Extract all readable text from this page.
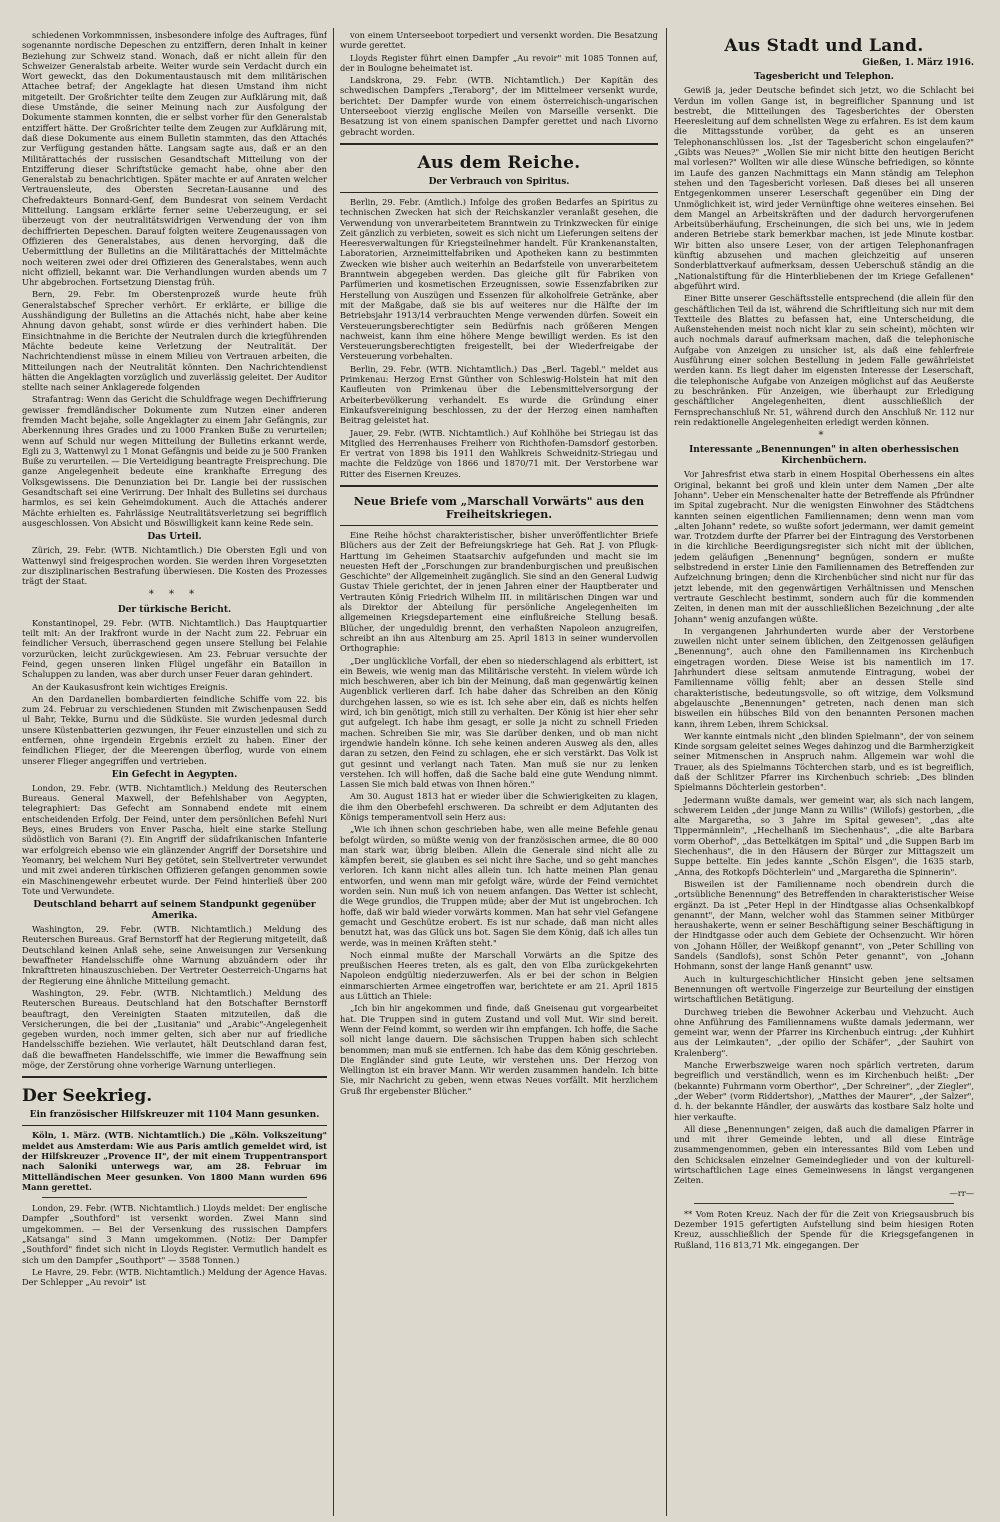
schiedenen Vorkommnissen, insbesondere infolge des Auftrages, fünf sogenannte nordische Depeschen zu entziffern, deren Inhalt in keiner Beziehung zur Schweiz stand. Wonach, daß er nicht allein für den Schweizer Generalstab arbeite. Weiter wurde sein Verdacht durch ein Wort geweckt, das den Dokumentaustausch mit dem militärischen Attachee betraf; der Angeklagte hat diesen Umstand ihm nicht mitgeteilt. Der Großrichter teilte dem Zeugen zur Aufklärung mit, daß diese Umstände, die seiner Meinung nach zur Ausfolgung der Dokumente stammen konnten, die er selbst vorher für den Generalstab entziffert hätte. Der Großrichter teilte dem Zeugen zur Aufklärung mit, daß diese Dokumente aus einem Bulletin stammten, das den Attachés zur Verfügung gestanden hätte. Langsam sagte aus, daß er an den Militärattachés der russischen Gesandtschaft Mitteilung von der Entzifferung dieser Schriftstücke gemacht habe, ohne aber den Generalstab zu benachrichtigen. Später machte er auf Anraten welcher Vertrauensleute, des Obersten Secretan-Lausanne und des Chefredakteurs Bonnard-Genf, dem Bundesrat von seinem Verdacht Mitteilung. Langsam erklärte ferner seine Ueberzeugung, er sei überzeugt von der neutralitätswidrigen Verwendung der von ihm dechiffrierten Depeschen. Darauf folgten weitere Zeugenaussagen von Offizieren des Generalstabes, aus denen hervorging, daß die Uebermittlung der Bulletins an die Militärattachés der Mittelmächte noch weiteren zwei oder drei Offizieren des Generalstabes, wenn auch nicht offiziell, bekannt war. Die Verhandlungen wurden abends um 7 Uhr abgebrochen. Fortsetzung Dienstag früh.

Bern, 29. Febr. Im Oberstenprozeß wurde heute früh Generalstabschef Sprecher verhört. Er erklärte, er billige die Ausshändigung der Bulletins an die Attachés nicht, habe aber keine Ahnung davon gehabt, sonst würde er dies verhindert haben. Die Einsichtnahme in die Berichte der Neutralen durch die kriegführenden Mächte bedeute keine Verletzung der Neutralität. Der Nachrichtendienst müsse in einem Milieu von Vertrauen arbeiten, die Mitteilungen nach der Neutralität könnten. Den Nachrichtendienst hätten die Angeklagten vorzüglich und zuverlässig geleitet. Der Auditor stellte nach seiner Anklagerede folgenden

Strafantrag: Wenn das Gericht die Schuldfrage wegen Dechiffrierung gewisser fremdländischer Dokumente zum Nutzen einer anderen fremden Macht bejahe, solle Angeklagter zu einem Jahr Gefängnis, zur Aberkennung ihres Grades und zu 1000 Franken Buße zu verurteilen; wenn auf Schuld nur wegen Mitteilung der Bulletins erkannt werde, Egli zu 3, Wattenwyl zu 1 Monat Gefängnis und beide zu je 500 Franken Buße zu verurteilen. — Die Verteidigung beantragte Freisprechung. Die ganze Angelegenheit bedeute eine krankhafte Erregung des Volksgewissens. Die Denunziation bei Dr. Langie bei der russischen Gesandtschaft sei eine Verirrung. Der Inhalt des Bulletins sei durchaus harmlos, es sei kein Geheimdokument. Auch die Attachés anderer Mächte erhielten es. Fahrlässige Neutralitätsverletzung sei begrifflich ausgeschlossen. Von Absicht und Böswilligkeit kann keine Rede sein.

Das Urteil.

Zürich, 29. Febr. (WTB. Nichtamtlich.) Die Obersten Egli und von Wattenwyl sind freigesprochen worden. Sie werden ihren Vorgesetzten zur disziplinarischen Bestrafung überwiesen. Die Kosten des Prozesses trägt der Staat.

* * *
Der türkische Bericht.

Konstantinopel, 29. Febr. (WTB. Nichtamtlich.) Das Hauptquartier teilt mit: An der Irakfront wurde in der Nacht zum 22. Februar ein feindlicher Versuch, überraschend gegen unsere Stellung bei Felahie vorzurücken, leicht zurückgewiesen. Am 23. Februar versuchte der Feind, gegen unseren linken Flügel ungefähr ein Bataillon in Schaluppen zu landen, was aber durch unser Feuer daran gehindert.

An der Kaukasusfront kein wichtiges Ereignis.

An den Dardanellen bombardierten feindliche Schiffe vom 22. bis zum 24. Februar zu verschiedenen Stunden mit Zwischenpausen Sedd ul Bahr, Tekke, Burnu und die Südküste. Sie wurden jedesmal durch unsere Küstenbatterien gezwungen, ihr Feuer einzustellen und sich zu entfernen, ohne irgendein Ergebnis erzielt zu haben. Einer der feindlichen Flieger, der die Meerengen überflog, wurde von einem unserer Flieger angegriffen und vertrieben.

Ein Gefecht in Aegypten.

London, 29. Febr. (WTB. Nichtamtlich.) Meldung des Reuterschen Bureaus. General Maxwell, der Befehlshaber von Aegypten, telegraphiert: Das Gefecht am Sonnabend endete mit einem entscheidenden Erfolg. Der Feind, unter dem persönlichen Befehl Nuri Beys, eines Bruders von Enver Pascha, hielt eine starke Stellung südöstlich von Barani (?). Ein Angriff der südafrikanischen Infanterie war erfolgreich ebenso wie ein glänzender Angriff der Dorsetshire und Yeomanry, bei welchem Nuri Bey getötet, sein Stellvertreter verwundet und mit zwei anderen türkischen Offizieren gefangen genommen sowie ein Maschinengewehr erbeutet wurde. Der Feind hinterließ über 200 Tote und Verwundete.

Deutschland beharrt auf seinem Standpunkt gegenüber Amerika.

Washington, 29. Febr. (WTB. Nichtamtlich.) Meldung des Reuterschen Bureaus. Graf Bernstorff hat der Regierung mitgeteilt, daß Deutschland keinen Anlaß sehe, seine Anweisungen zur Versenkung bewaffneter Handelsschiffe ohne Warnung abzuändern oder ihr Inkrafttreten hinauszuschieben. Der Vertreter Oesterreich-Ungarns hat der Regierung eine ähnliche Mitteilung gemacht.

Washington, 29. Febr. (WTB. Nichtamtlich.) Meldung des Reuterschen Bureaus. Deutschland hat den Botschafter Bernstorff beauftragt, den Vereinigten Staaten mitzuteilen, daß die Versicherungen, die bei der „Lusitania" und „Arabic"-Angelegenheit gegeben wurden, noch immer gelten, sich aber nur auf friedliche Handelsschiffe beziehen. Wie verlautet, hält Deutschland daran fest, daß die bewaffneten Handelsschiffe, wie immer die Bewaffnung sein möge, der Zerstörung ohne vorherige Warnung unterliegen.

Der Seekrieg.
Ein französischer Hilfskreuzer mit 1104 Mann gesunken.

Köln, 1. März. (WTB. Nichtamtlich.) Die „Köln. Volkszeitung" meldet aus Amsterdam: Wie aus Paris amtlich gemeldet wird, ist der Hilfskreuzer „Provence II", der mit einem Truppentransport nach Saloniki unterwegs war, am 28. Februar im Mittelländischen Meer gesunken. Von 1800 Mann wurden 696 Mann gerettet.

London, 29. Febr. (WTB. Nichtamtlich.) Lloyds meldet: Der englische Dampfer „Southford" ist versenkt worden. Zwei Mann sind umgekommen. — Bei der Versenkung des russischen Dampfers „Katsanga" sind 3 Mann umgekommen. (Notiz: Der Dampfer „Southford" findet sich nicht in Lloyds Register. Vermutlich handelt es sich um den Dampfer „Southport" — 3588 Tonnen.)

Le Havre, 29. Febr. (WTB. Nichtamtlich.) Meldung der Agence Havas. Der Schlepper „Au revoir" ist

von einem Unterseeboot torpediert und versenkt worden. Die Besatzung wurde gerettet.

Lloyds Register führt einen Dampfer „Au revoir" mit 1085 Tonnen auf, der in Boulogne beheimatet ist.

Landskrona, 29. Febr. (WTB. Nichtamtlich.) Der Kapitän des schwedischen Dampfers „Teraborg", der im Mittelmeer versenkt wurde, berichtet: Der Dampfer wurde von einem österreichisch-ungarischen Unterseeboot vierzig englische Meilen von Marseille versenkt. Die Besatzung ist von einem spanischen Dampfer gerettet und nach Livorno gebracht worden.

Aus dem Reiche.
Der Verbrauch von Spiritus.

Berlin, 29. Febr. (Amtlich.) Infolge des großen Bedarfes an Spiritus zu technischen Zwecken hat sich der Reichskanzler veranlaßt gesehen, die Verwendung von unverarbeitetem Branntwein zu Trinkzwecken für einige Zeit gänzlich zu verbieten, soweit es sich nicht um Lieferungen seitens der Heeresverwaltungen für Kriegsteilnehmer handelt. Für Krankenanstalten, Laboratorien, Arzneimittelfabriken und Apotheken kann zu bestimmten Zwecken wie bisher auch weiterhin an Bedarfsteile von unverarbeitetem Branntwein abgegeben werden. Das gleiche gilt für Fabriken von Parfümerien und kosmetischen Erzeugnissen, sowie Essenzfabriken zur Herstellung von Auszügen und Essenzen für alkoholfreie Getränke, aber mit der Maßgabe, daß sie bis auf weiteres nur die Hälfte der im Betriebsjahr 1913/14 verbrauchten Menge verwenden dürfen. Soweit ein Versteuerungsberechtigter sein Bedürfnis nach größeren Mengen nachweist, kann ihm eine höhere Menge bewilligt werden. Es ist den Versteuerungsberechtigten freigestellt, bei der Wiederfreigabe der Versteuerung vorbehalten.

Berlin, 29. Febr. (WTB. Nichtamtlich.) Das „Berl. Tagebl." meldet aus Primkenau: Herzog Ernst Günther von Schleswig-Holstein hat mit den Kaufleuten von Primkenau über die Lebensmittelversorgung der Arbeiterbevölkerung verhandelt. Es wurde die Gründung einer Einkaufsvereinigung beschlossen, zu der der Herzog einen namhaften Beitrag geleistet hat.

Jauer, 29. Febr. (WTB. Nichtamtlich.) Auf Kohlhöhe bei Striegau ist das Mitglied des Herrenhauses Freiherr von Richthofen-Damsdorf gestorben. Er vertrat von 1898 bis 1911 den Wahlkreis Schweidnitz-Striegau und machte die Feldzüge von 1866 und 1870/71 mit. Der Verstorbene war Ritter des Eisernen Kreuzes.

Neue Briefe vom „Marschall Vorwärts" aus den Freiheitskriegen.

Eine Reihe höchst charakteristischer, bisher unveröffentlichter Briefe Blüchers aus der Zeit der Befreiungskriege hat Geh. Rat J. von Pflugk-Harttung im Geheimen Staatsarchiv aufgefunden und macht sie im neuesten Heft der „Forschungen zur brandenburgischen und preußischen Geschichte" der Allgemeinheit zugänglich. Sie sind an den General Ludwig Gustav Thiele gerichtet, der in jenen Jahren einer der Hauptberater und Vertrauten König Friedrich Wilhelm III. in militärischen Dingen war und als Direktor der Abteilung für persönliche Angelegenheiten im allgemeinen Kriegsdepartement eine einflußreiche Stellung besaß. Blücher, der ungeduldig brennt, den verhaßten Napoleon anzugreifen, schreibt an ihn aus Altenburg am 25. April 1813 in seiner wundervollen Orthographie:

„Der unglückliche Vorfall, der eben so niederschlagend als erbittert, ist ein Beweis, wie wenig man das Militärische versteht. In vielem würde ich mich beschweren, aber ich bin der Meinung, daß man gegenwärtig keinen Augenblick verlieren darf. Ich habe daher das Schreiben an den König durchgehen lassen, so wie es ist. Ich sehe aber ein, daß es nichts helfen wird, ich bin genötigt, mich still zu verhalten. Der König ist hier eher sehr gut aufgelegt. Ich habe ihm gesagt, er solle ja nicht zu schnell Frieden machen. Schreiben Sie mir, was Sie darüber denken, und ob man nicht irgendwie handeln könne. Ich sehe keinen anderen Ausweg als den, alles daran zu setzen, den Feind zu schlagen, ehe er sich verstärkt. Das Volk ist gut gesinnt und verlangt nach Taten. Man muß sie nur zu lenken verstehen. Ich will hoffen, daß die Sache bald eine gute Wendung nimmt. Lassen Sie mich bald etwas von Ihnen hören."

Am 30. August 1813 hat er wieder über die Schwierigkeiten zu klagen, die ihm den Oberbefehl erschweren. Da schreibt er dem Adjutanten des Königs temperamentvoll sein Herz aus:

„Wie ich ihnen schon geschrieben habe, wen alle meine Befehle genau befolgt würden, so müßte wenig von der französischen armee, die 80 000 man stark war, übrig bleiben. Allein die Generale sind nicht alle zu kämpfen bereit, sie glauben es sei nicht ihre Sache, und so geht manches verloren. Ich kann nicht alles allein tun. Ich hatte meinen Plan genau entworfen, und wenn man mir gefolgt wäre, würde der Feind vernichtet worden sein. Nun muß ich von neuem anfangen. Das Wetter ist schlecht, die Wege grundlos, die Truppen müde; aber der Mut ist ungebrochen. Ich hoffe, daß wir bald wieder vorwärts kommen. Man hat sehr viel Gefangene gemacht und Geschütze erobert. Es ist nur schade, daß man nicht alles benutzt hat, was das Glück uns bot. Sagen Sie dem König, daß ich alles tun werde, was in meinen Kräften steht."

Noch einmal mußte der Marschall Vorwärts an die Spitze des preußischen Heeres treten, als es galt, den von Elba zurückgekehrten Napoleon endgültig niederzuwerfen. Als er bei der schon in Belgien einmarschierten Armee eingetroffen war, berichtete er am 21. April 1815 aus Lüttich an Thiele:

„Ich bin hir angekommen und finde, daß Gneisenau gut vorgearbeitet hat. Die Truppen sind in gutem Zustand und voll Mut. Wir sind bereit. Wenn der Feind kommt, so werden wir ihn empfangen. Ich hoffe, die Sache soll nicht lange dauern. Die sächsischen Truppen haben sich schlecht benommen; man muß sie entfernen. Ich habe das dem König geschrieben. Die Engländer sind gute Leute, wir verstehen uns. Der Herzog von Wellington ist ein braver Mann. Wir werden zusammen handeln. Ich bitte Sie, mir Nachricht zu geben, wenn etwas Neues vorfällt. Mit herzlichem Gruß Ihr ergebenster Blücher."

Aus Stadt und Land.
Gießen, 1. März 1916.
Tagesbericht und Telephon.

Gewiß ja, jeder Deutsche befindet sich jetzt, wo die Schlacht bei Verdun im vollen Gange ist, in begreiflicher Spannung und ist bestrebt, die Mitteilungen des Tagesberichtes der Obersten Heeresleitung auf dem schnellsten Wege zu erfahren. Es ist dem kaum die Mittagsstunde vorüber, da geht es an unseren Telephonanschlüssen los. „Ist der Tagesbericht schon eingelaufen?" „Gibts was Neues?" „Wollen Sie mir nicht bitte den heutigen Bericht mal vorlesen?" Wollten wir alle diese Wünsche befriedigen, so könnte im Laufe des ganzen Nachmittags ein Mann ständig am Telephon stehen und den Tagesbericht vorlesen. Daß dieses bei all unseren Entgegenkommen unserer Leserschaft gegenüber ein Ding der Unmöglichkeit ist, wird jeder Vernünftige ohne weiteres einsehen. Bei dem Mangel an Arbeitskräften und der dadurch hervorgerufenen Arbeitsüberhäufung, Erscheinungen, die sich bei uns, wie in jedem anderen Betriebe stark bemerkbar machen, ist jede Minute kostbar. Wir bitten also unsere Leser, von der artigen Telephonanfragen künftig abzusehen und machen gleichzeitig auf unseren Sonderblattverkauf aufmerksam, dessen Ueberschuß ständig an die „Nationalstiftung für die Hinterbliebenen der im Kriege Gefallenen" abgeführt wird.

Einer Bitte unserer Geschäftsstelle entsprechend (die allein für den geschäftlichen Teil da ist, während die Schriftleitung sich nur mit dem Textteile des Blattes zu befassen hat, eine Unterscheidung, die Außenstehenden meist noch nicht klar zu sein scheint), möchten wir auch nochmals darauf aufmerksam machen, daß die telephonische Aufgabe von Anzeigen zu unsicher ist, als daß eine fehlerfreie Ausführung einer solchen Bestellung in jedem Falle gewährleistet werden kann. Es liegt daher im eigensten Interesse der Leserschaft, die telephonische Aufgabe von Anzeigen möglichst auf das Aeußerste zu beschränken. Für Anzeigen, wie überhaupt zur Erledigung geschäftlicher Angelegenheiten, dient ausschließlich der Fernsprechanschluß Nr. 51, während durch den Anschluß Nr. 112 nur rein redaktionelle Angelegenheiten erledigt werden können.

*
Interessante „Benennungen" in alten oberhessischen Kirchenbüchern.

Vor Jahresfrist etwa starb in einem Hospital Oberhessens ein altes Original, bekannt bei groß und klein unter dem Namen „Der alte Johann". Ueber ein Menschenalter hatte der Betreffende als Pfründner im Spital zugebracht. Nur die wenigsten Einwohner des Städtchens kannten seinen eigentlichen Familiennamen; denn wenn man vom „alten Johann" redete, so wußte sofort jedermann, wer damit gemeint war. Trotzdem durfte der Pfarrer bei der Eintragung des Verstorbenen in die kirchliche Beerdigungsregister sich nicht mit der üblichen, jedem geläufigen „Benennung" begnügen, sondern er mußte selbstredend in erster Linie den Familiennamen des Betreffenden zur Aufzeichnung bringen; denn die Kirchenbücher sind nicht nur für das jetzt lebende, mit den gegenwärtigen Verhältnissen und Menschen vertraute Geschlecht bestimmt, sondern auch für die kommenden Zeiten, in denen man mit der ausschließlichen Bezeichnung „der alte Johann" wenig anzufangen wüßte.

In vergangenen Jahrhunderten wurde aber der Verstorbene zuweilen nicht unter seinem üblichen, den Zeitgenossen geläufigen „Benennung", auch ohne den Familiennamen ins Kirchenbuch eingetragen worden. Diese Weise ist bis namentlich im 17. Jahrhundert diese seltsam anmutende Eintragung, wobei der Familienname völlig fehlt; aber an dessen Stelle sind charakteristische, bedeutungsvolle, so oft witzige, dem Volksmund abgelauschte „Benennungen" getreten, nach denen man sich bisweilen ein hübsches Bild von den benannten Personen machen kann, ihrem Leben, ihrem Schicksal.

Wer kannte eintmals nicht „den blinden Spielmann", der von seinem Kinde sorgsam geleitet seines Weges dahinzog und die Barmherzigkeit seiner Mitmenschen in Anspruch nahm. Allgemein war wohl die Trauer, als des Spielmanns Töchterchen starb, und es ist begreiflich, daß der Schlitzer Pfarrer ins Kirchenbuch schrieb: „Des blinden Spielmanns Döchterlein gestorben".

Jedermann wußte damals, wer gemeint war, als sich nach langem, schwerem Leiden „der junge Mann zu Willis" (Willofs) gestorben, „die alte Margaretha, so 3 Jahre im Spital gewesen", „das alte Tippermännlein", „Hechelhanß im Siechenhaus", „die alte Barbara vorm Oberhof", „das Bettelkätgen im Spital" und „die Suppen Barb im Siechenhaus", die in den Häusern der Bürger zur Mittagszeit um Suppe bettelte. Ein jedes kannte „Schön Elsgen", die 1635 starb, „Anna, des Rotkopfs Döchterlein" und „Margaretha die Spinnerin".

Bisweilen ist der Familienname noch obendrein durch die „ortsübliche Benennung" des Betreffenden in charakteristischer Weise ergänzt. Da ist „Peter Hepl in der Hindtgasse alias Ochsenkalbkopf genannt", der Mann, welcher wohl das Stammen seiner Mitbürger heraushakerte, wenn er seiner Beschäftigung seiner Beschäftigung in der Hindtgasse oder auch dem Gebiete der Ochsenzucht. Wir hören von „Johann Höller, der Weißkopf genannt", von „Peter Schilling von Sandels (Sandlofs), sonst Schön Peter genannt", von „Johann Hohmann, sonst der lange Hanß genannt" usw.

Auch in kulturgeschichtlicher Hinsicht geben jene seltsamen Benennungen oft wertvolle Fingerzeige zur Beurteilung der einstigen wirtschaftlichen Betätigung.

Durchweg trieben die Bewohner Ackerbau und Viehzucht. Auch ohne Anführung des Familiennamens wußte damals jedermann, wer gemeint war, wenn der Pfarrer ins Kirchenbuch eintrug: „der Kuhhirt aus der Leimkauten", „der opilio der Schäfer", „der Sauhirt von Kralenberg".

Manche Erwerbszweige waren noch spärlich vertreten, darum begreiflich und verständlich, wenn es im Kirchenbuch heißt: „Der (bekannte) Fuhrmann vorm Oberthor", „Der Schreiner", „der Ziegler", „der Weber" (vorm Riddertshor), „Matthes der Maurer", „der Salzer", d. h. der bekannte Händler, der auswärts das kostbare Salz holte und hier verkaufte.

All diese „Benennungen" zeigen, daß auch die damaligen Pfarrer in und mit ihrer Gemeinde lebten, und all diese Einträge zusammengenommen, geben ein interessantes Bild vom Leben und den Schicksalen einzelner Gemeindeglieder und von der kulturell-wirtschaftlichen Lage eines Gemeinwesens in längst vergangenen Zeiten.

—rr—

** Vom Roten Kreuz. Nach der für die Zeit von Kriegsausbruch bis Dezember 1915 gefertigten Aufstellung sind beim hiesigen Roten Kreuz, ausschließlich der Spende für die Kriegsgefangenen in Rußland, 116 813,71 Mk. eingegangen. Der
